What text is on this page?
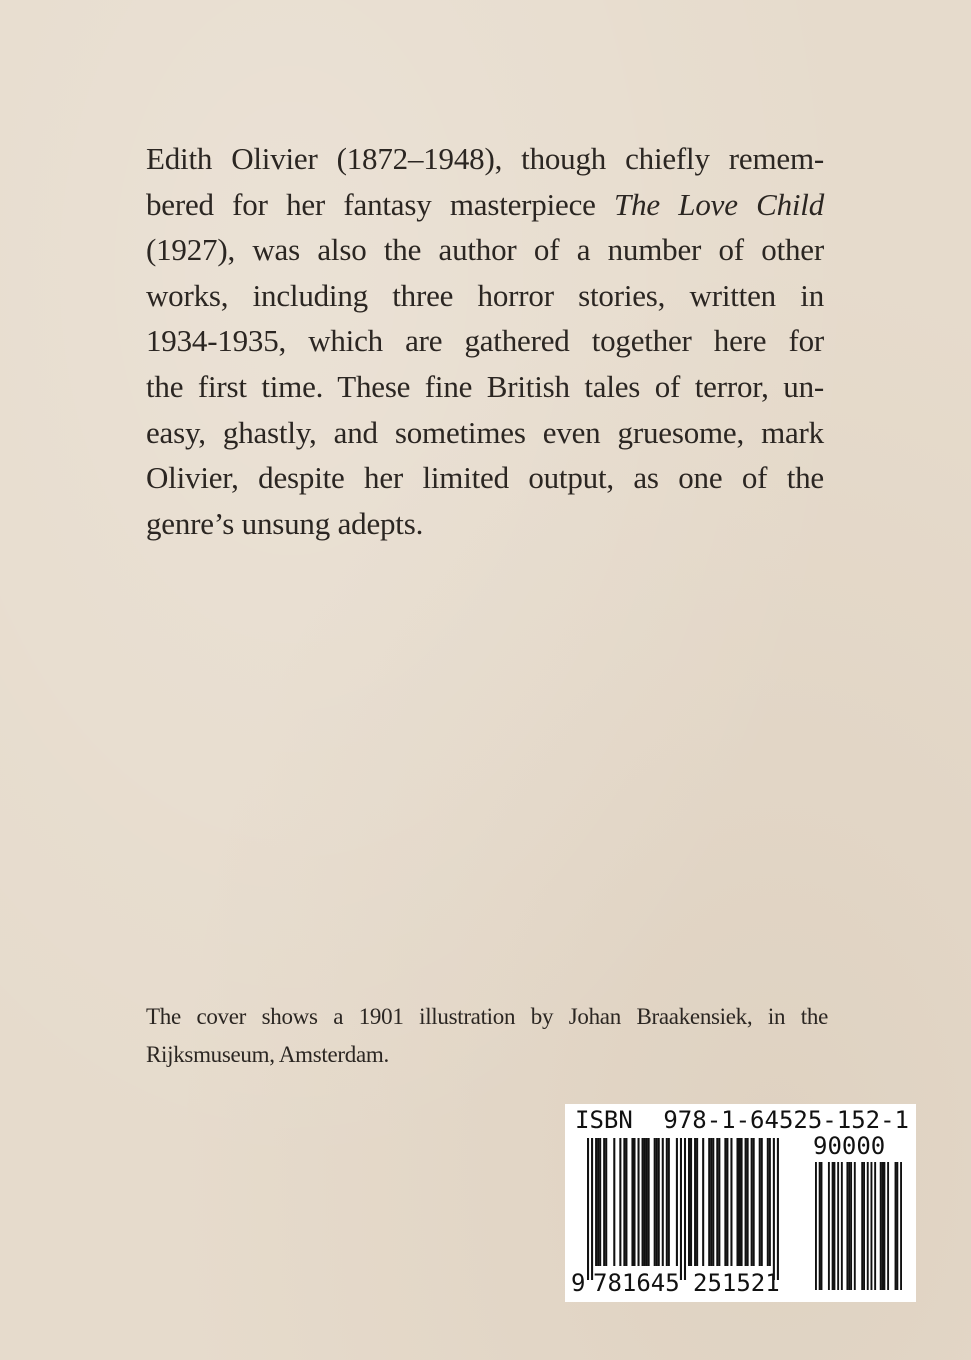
Edith Olivier (1872–1948), though chiefly remem-
bered for her fantasy masterpiece The Love Child
(1927), was also the author of a number of other
works, including three horror stories, written in
1934-1935, which are gathered together here for
the first time. These fine British tales of terror, un-
easy, ghastly, and sometimes even gruesome, mark
Olivier, despite her limited output, as one of the
genre’s unsung adepts.

The cover shows a 1901 illustration by Johan Braakensiek, in the
Rijksmuseum, Amsterdam.

ISBN 978-1-64525-152-1
90000
9 781645 251521
